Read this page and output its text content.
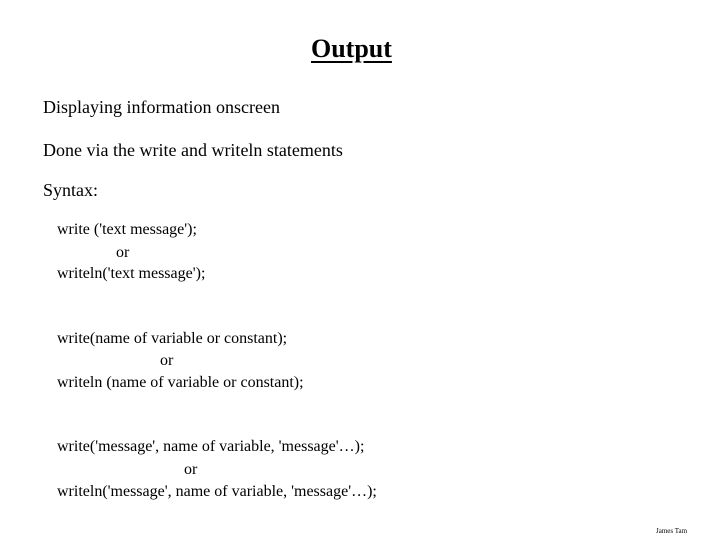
Output
Displaying information onscreen
Done via the write and writeln statements
Syntax:
write ('text message');
or
writeln('text message');
write(name of variable or constant);
or
writeln (name of variable or constant);
write('message', name of variable, 'message'…);
or
writeln('message', name of variable, 'message'…);
James Tam
